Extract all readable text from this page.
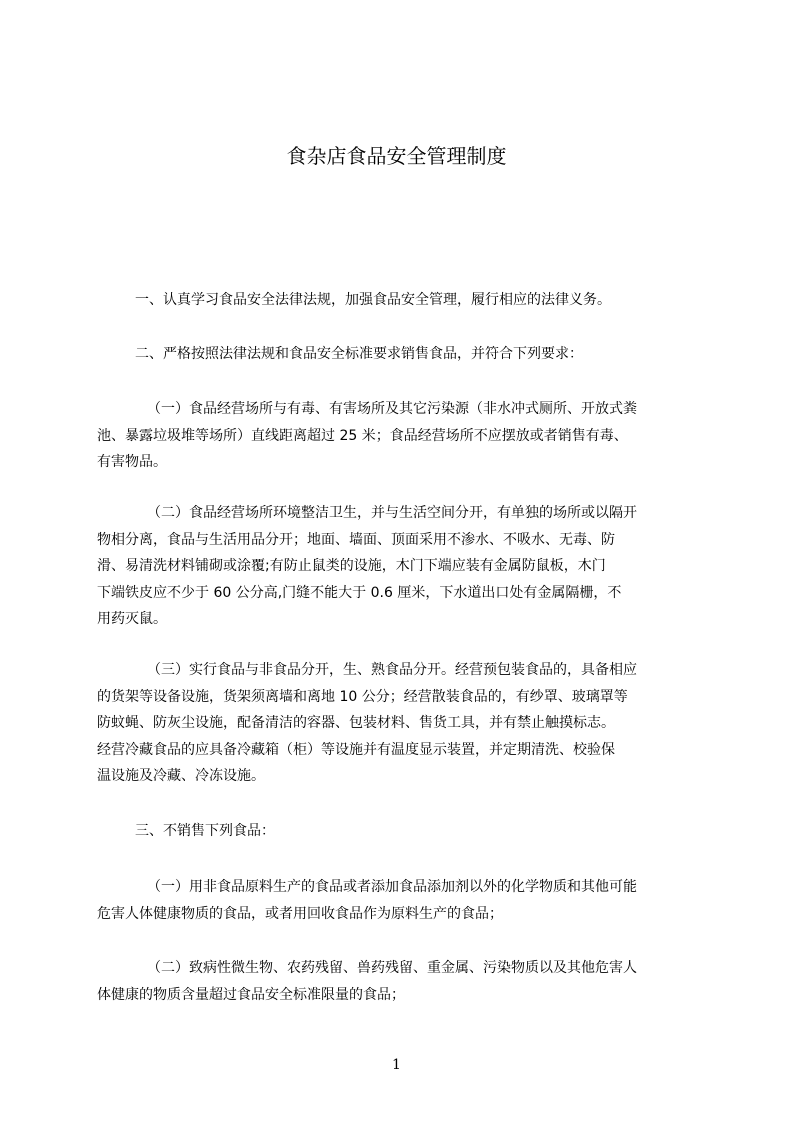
食杂店食品安全管理制度
一、认真学习食品安全法律法规，加强食品安全管理，履行相应的法律义务。
二、严格按照法律法规和食品安全标准要求销售食品，并符合下列要求：
（一）食品经营场所与有毒、有害场所及其它污染源（非水冲式厕所、开放式粪
池、暴露垃圾堆等场所）直线距离超过 25 米；食品经营场所不应摆放或者销售有毒、
有害物品。
（二）食品经营场所环境整洁卫生，并与生活空间分开，有单独的场所或以隔开
物相分离，食品与生活用品分开；地面、墙面、顶面采用不渗水、不吸水、无毒、防
滑、易清洗材料铺砌或涂覆;有防止鼠类的设施，木门下端应装有金属防鼠板，木门
下端铁皮应不少于 60 公分高,门缝不能大于 0.6 厘米，下水道出口处有金属隔栅，不
用药灭鼠。
（三）实行食品与非食品分开，生、熟食品分开。经营预包装食品的，具备相应
的货架等设备设施，货架须离墙和离地 10 公分；经营散装食品的，有纱罩、玻璃罩等
防蚊蝇、防灰尘设施，配备清洁的容器、包装材料、售货工具，并有禁止触摸标志。
经营冷藏食品的应具备冷藏箱（柜）等设施并有温度显示装置，并定期清洗、校验保
温设施及冷藏、冷冻设施。
三、不销售下列食品：
（一）用非食品原料生产的食品或者添加食品添加剂以外的化学物质和其他可能
危害人体健康物质的食品，或者用回收食品作为原料生产的食品；
（二）致病性微生物、农药残留、兽药残留、重金属、污染物质以及其他危害人
体健康的物质含量超过食品安全标准限量的食品；
1
